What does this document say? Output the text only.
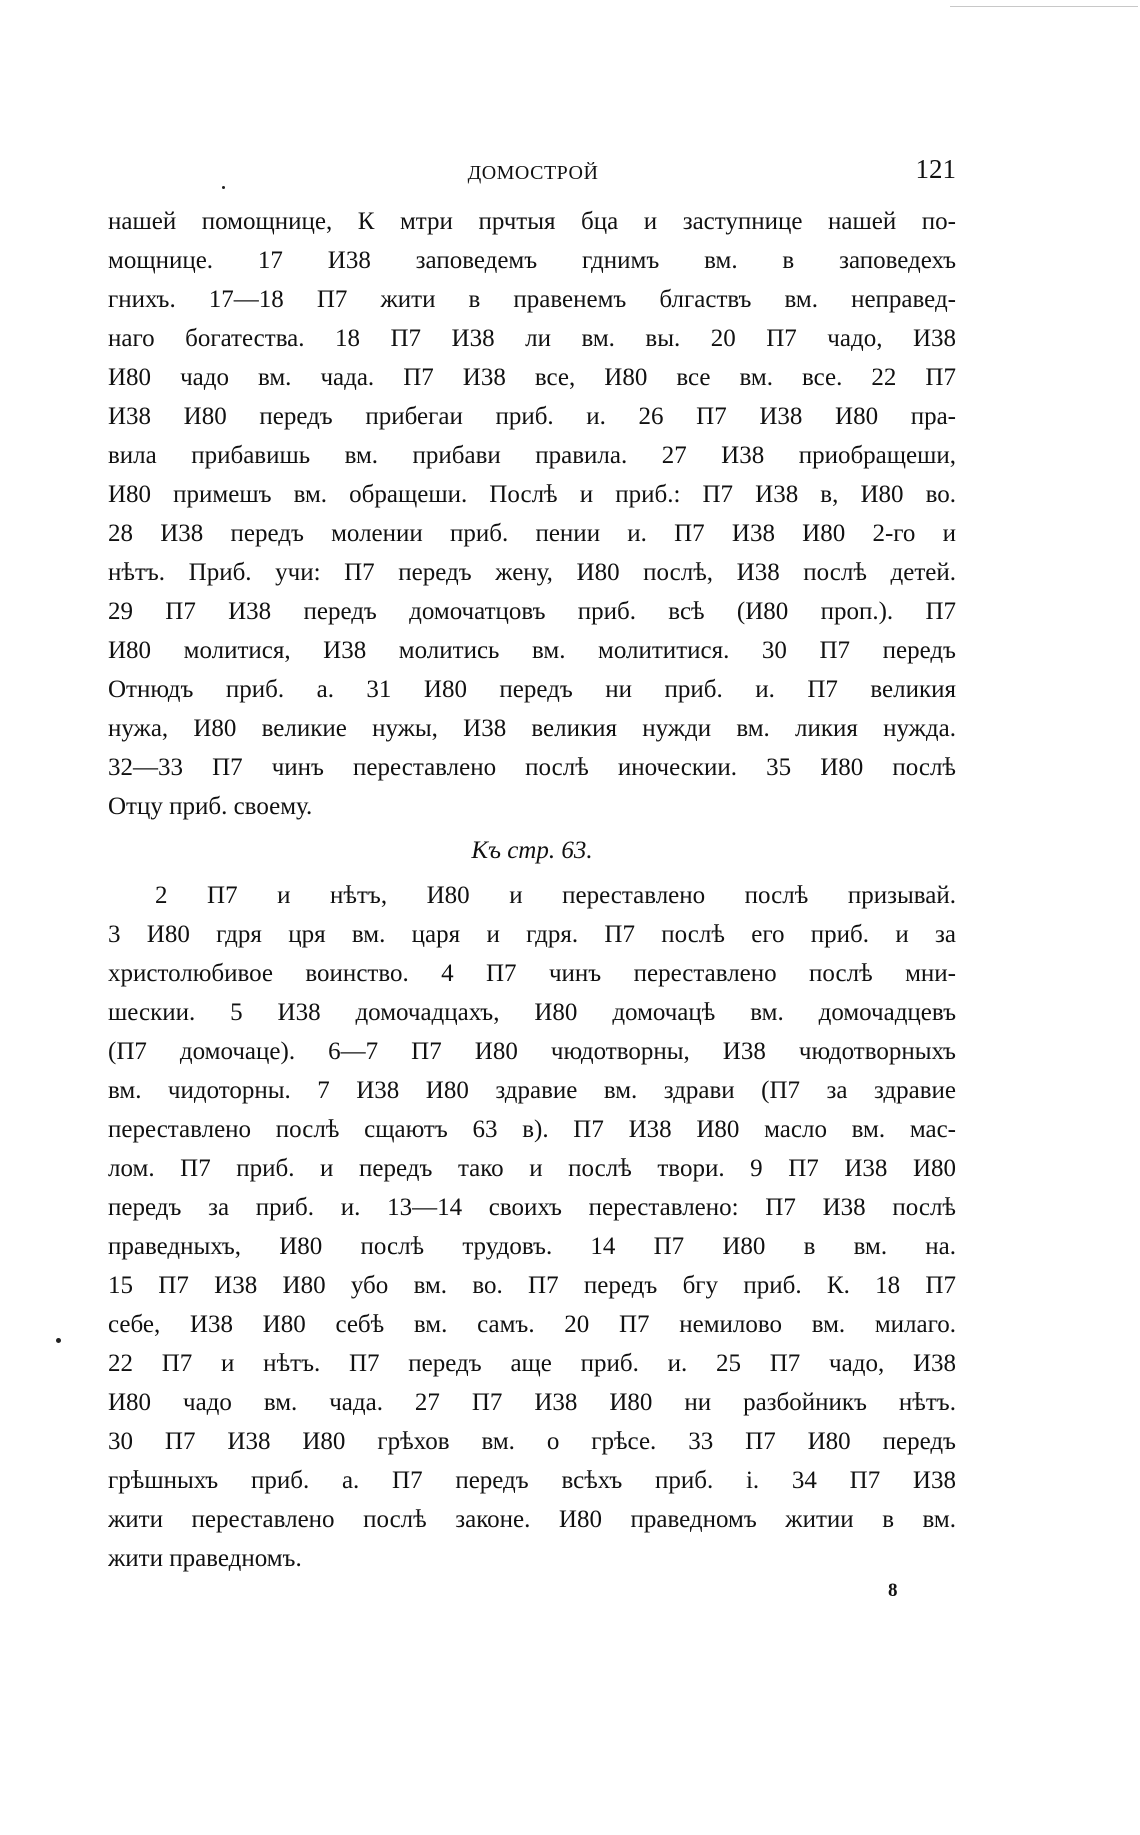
ДОМОСТРОЙ	121
нашей помощнице, К мтри прчтыя бца и заступнице нашей по-
мощнице. 17 И38 заповедемъ гднимъ вм. в заповедехъ
гнихъ. 17—18 П7 жити в правенемъ блгаствъ вм. неправед-
наго богатества. 18 П7 И38 ли вм. вы. 20 П7 чадо, И38
И80 чадо вм. чада. П7 И38 все, И80 все вм. все. 22 П7
И38 И80 передъ прибегаи приб. и. 26 П7 И38 И80 пра-
вила прибавишь вм. прибави правила. 27 И38 приобращеши,
И80 примешъ вм. обращеши. Послѣ и приб.: П7 И38 в, И80 во.
28 И38 передъ молении приб. пении и. П7 И38 И80 2-го и
нѣтъ. Приб. учи: П7 передъ жену, И80 послѣ, И38 послѣ детей.
29 П7 И38 передъ домочатцовъ приб. всѣ (И80 проп.). П7
И80 молитися, И38 молитись вм. молититися. 30 П7 передъ
Отнюдъ приб. а. 31 И80 передъ ни приб. и. П7 великия
нужа, И80 великие нужы, И38 великия нужди вм. ликия нужда.
32—33 П7 чинъ переставлено послѣ иноческии. 35 И80 послѣ
Отцу приб. своему.
Къ стр. 63.
2 П7 и нѣтъ, И80 и переставлено послѣ призывай.
3 И80 гдря цря вм. царя и гдря. П7 послѣ его приб. и за
христолюбивое воинство. 4 П7 чинъ переставлено послѣ мни-
шескии. 5 И38 домочадцахъ, И80 домочацѣ вм. домочадцевъ
(П7 домочаце). 6—7 П7 И80 чюдотворны, И38 чюдотворныхъ
вм. чидоторны. 7 И38 И80 здравие вм. здрави (П7 за здравие
переставлено послѣ сщаютъ 63 в). П7 И38 И80 масло вм. мас-
лом. П7 приб. и передъ тако и послѣ твори. 9 П7 И38 И80
передъ за приб. и. 13—14 своихъ переставлено: П7 И38 послѣ
праведныхъ, И80 послѣ трудовъ. 14 П7 И80 в вм. на.
15 П7 И38 И80 убо вм. во. П7 передъ бгу приб. К. 18 П7
себе, И38 И80 себѣ вм. самъ. 20 П7 немилово вм. милаго.
22 П7 и нѣтъ. П7 передъ аще приб. и. 25 П7 чадо, И38
И80 чадо вм. чада. 27 П7 И38 И80 ни разбойникъ нѣтъ.
30 П7 И38 И80 грѣхов вм. о грѣсе. 33 П7 И80 передъ
грѣшныхъ приб. а. П7 передъ всѣхъ приб. і. 34 П7 И38
жити переставлено послѣ законе. И80 праведномъ житии в вм.
жити праведномъ.
8
